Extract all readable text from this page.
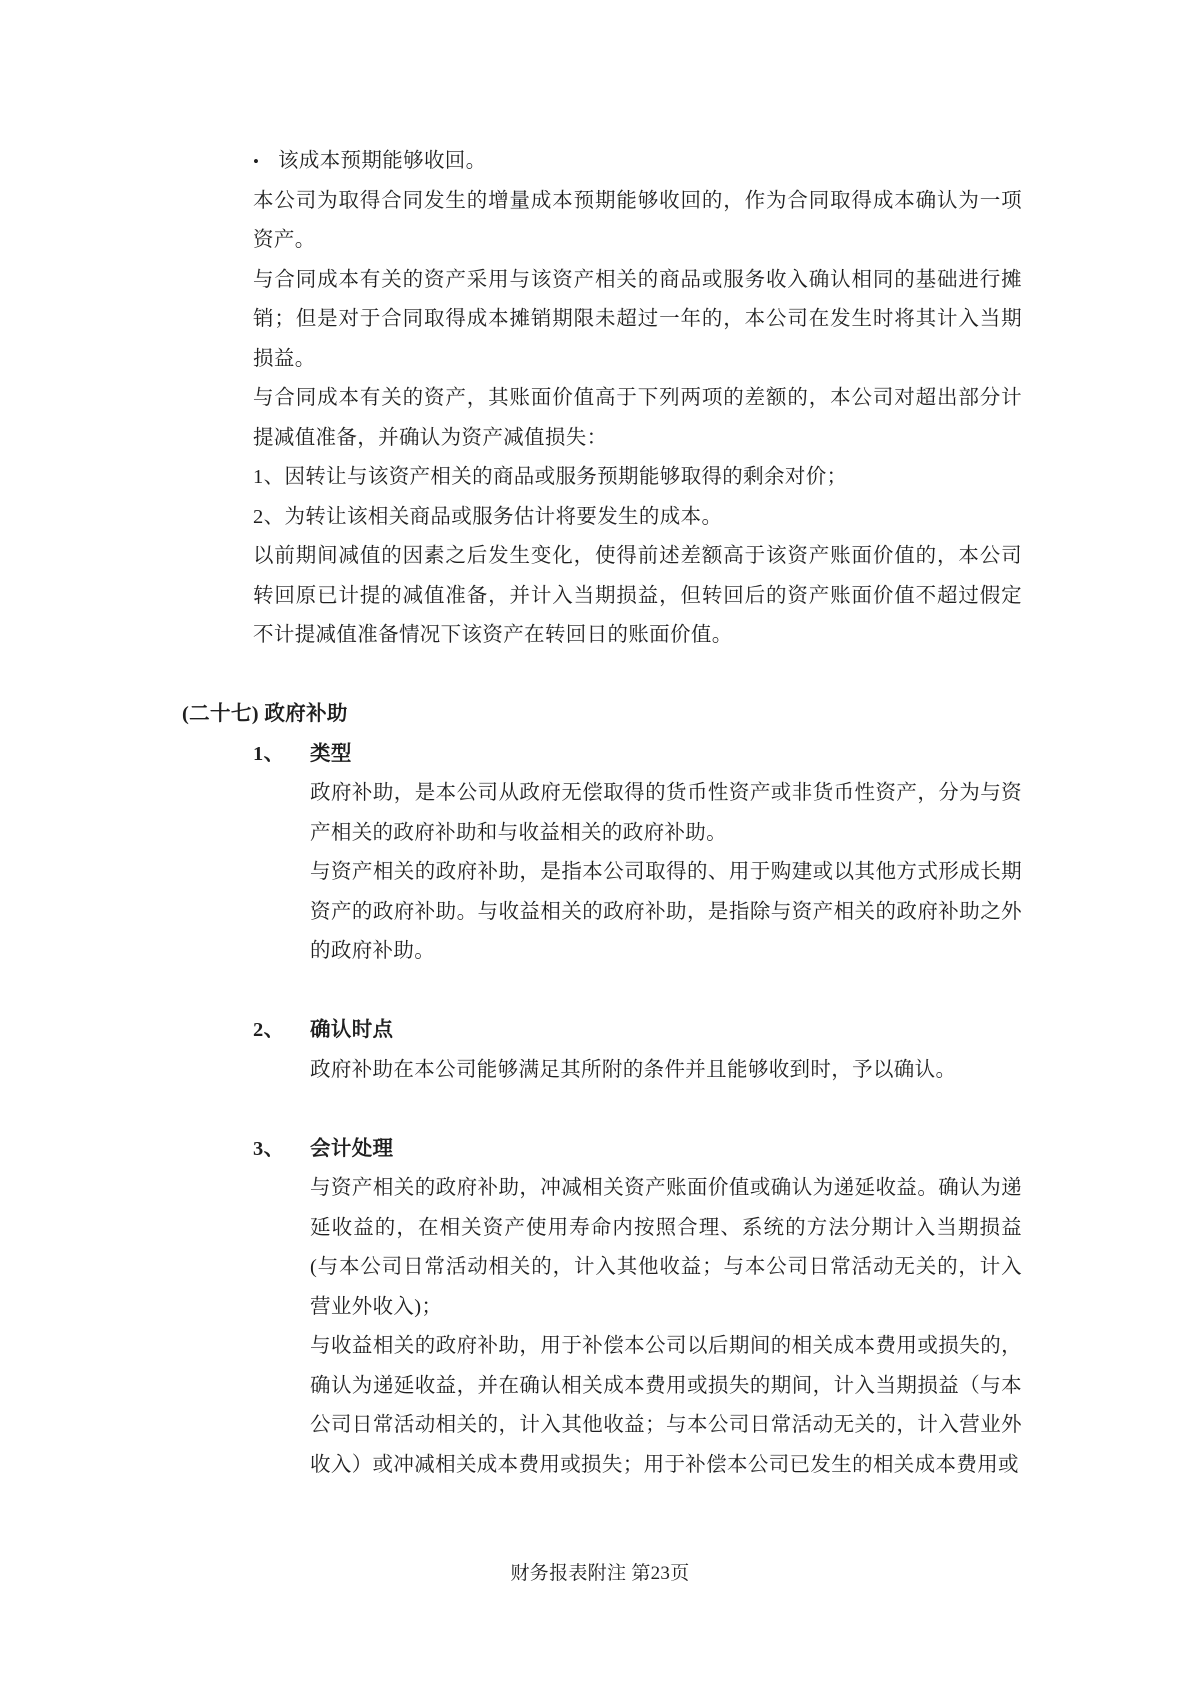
• 该成本预期能够收回。

本公司为取得合同发生的增量成本预期能够收回的，作为合同取得成本确认为一项资产。

与合同成本有关的资产采用与该资产相关的商品或服务收入确认相同的基础进行摊销；但是对于合同取得成本摊销期限未超过一年的，本公司在发生时将其计入当期损益。

与合同成本有关的资产，其账面价值高于下列两项的差额的，本公司对超出部分计提减值准备，并确认为资产减值损失：

1、因转让与该资产相关的商品或服务预期能够取得的剩余对价；

2、为转让该相关商品或服务估计将要发生的成本。

以前期间减值的因素之后发生变化，使得前述差额高于该资产账面价值的，本公司转回原已计提的减值准备，并计入当期损益，但转回后的资产账面价值不超过假定不计提减值准备情况下该资产在转回日的账面价值。

(二十七) 政府补助
1、 类型

政府补助，是本公司从政府无偿取得的货币性资产或非货币性资产，分为与资产相关的政府补助和与收益相关的政府补助。

与资产相关的政府补助，是指本公司取得的、用于购建或以其他方式形成长期资产的政府补助。与收益相关的政府补助，是指除与资产相关的政府补助之外的政府补助。

2、 确认时点

政府补助在本公司能够满足其所附的条件并且能够收到时，予以确认。

3、 会计处理

与资产相关的政府补助，冲减相关资产账面价值或确认为递延收益。确认为递延收益的，在相关资产使用寿命内按照合理、系统的方法分期计入当期损益(与本公司日常活动相关的，计入其他收益；与本公司日常活动无关的，计入营业外收入)；

与收益相关的政府补助，用于补偿本公司以后期间的相关成本费用或损失的，确认为递延收益，并在确认相关成本费用或损失的期间，计入当期损益（与本公司日常活动相关的，计入其他收益；与本公司日常活动无关的，计入营业外收入）或冲减相关成本费用或损失；用于补偿本公司已发生的相关成本费用或

财务报表附注 第23页
